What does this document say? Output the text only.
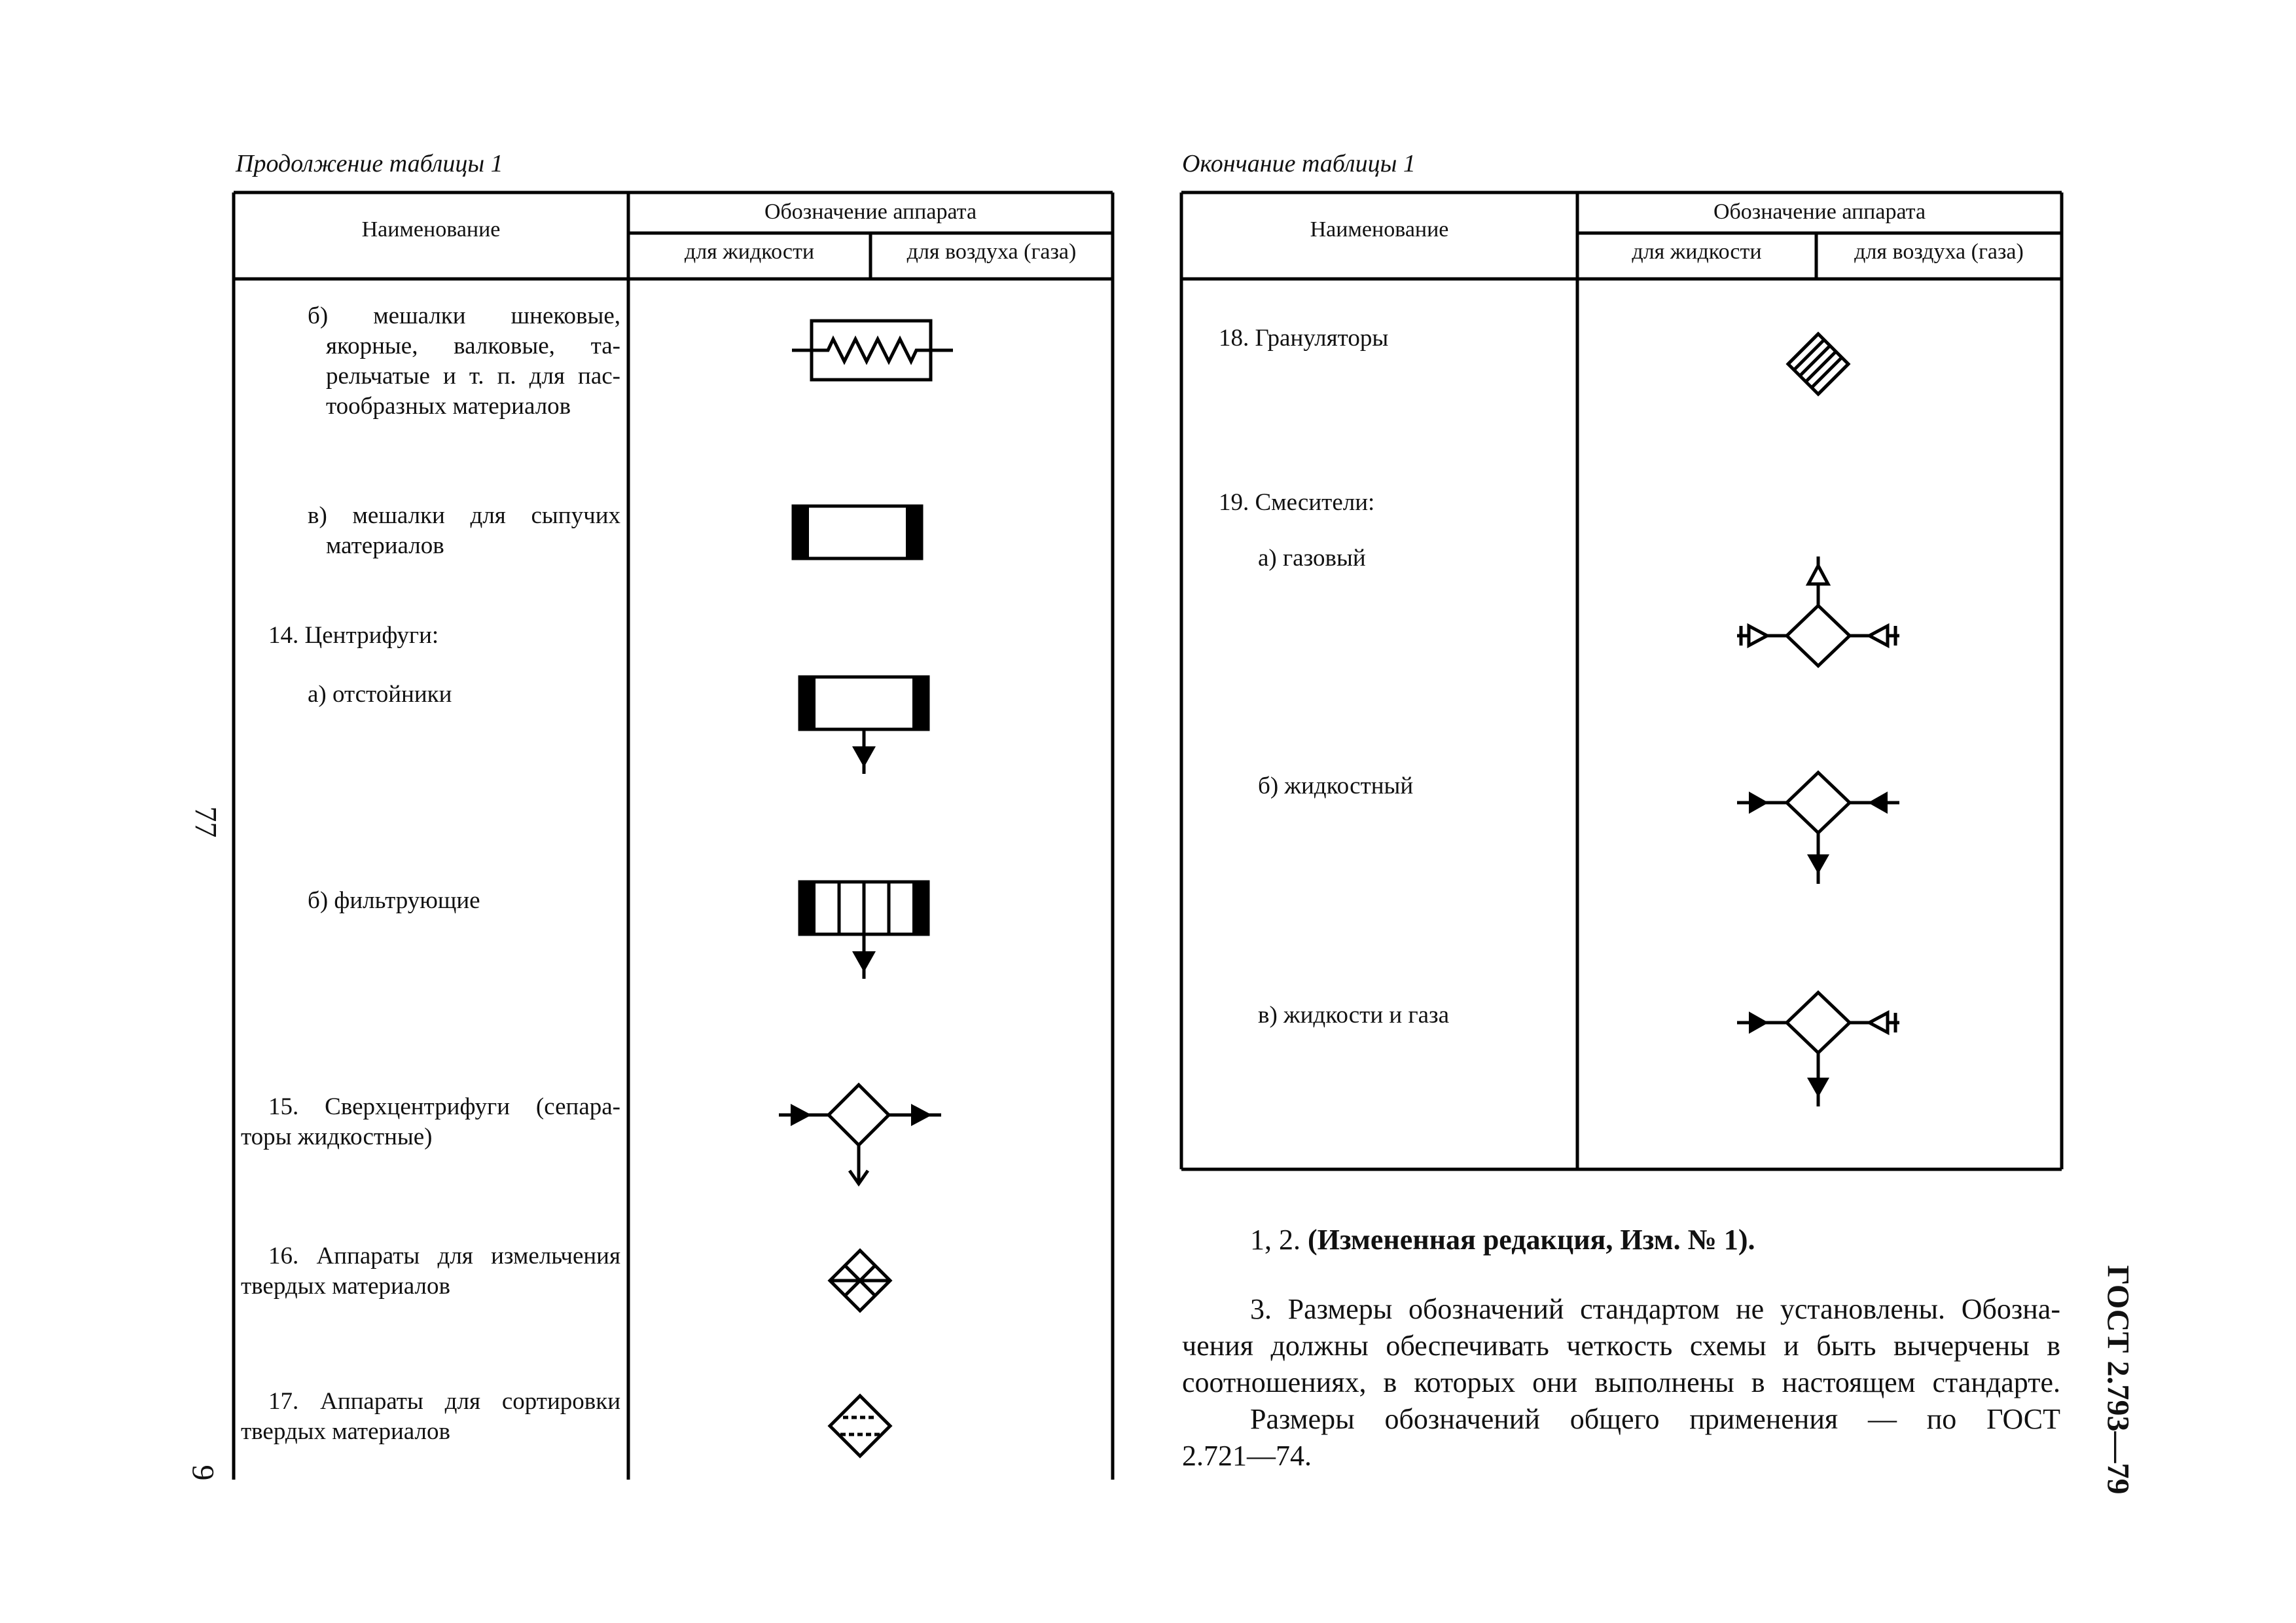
Продолжение таблицы 1
Наименование
Обозначение аппарата
для жидкости	для воздуха (газа)
б) мешалки шнековые,
якорные, валковые, та-
рельчатые и т. п. для пас-
тообразных материалов
в) мешалки для сыпучих
материалов
14. Центрифуги:
а) отстойники
б) фильтрующие
15. Сверхцентрифуги (сепара-
торы жидкостные)
16. Аппараты для измельчения
твердых материалов
17. Аппараты для сортировки
твердых материалов
Окончание таблицы 1
Наименование
Обозначение аппарата
для жидкости	для воздуха (газа)
18. Грануляторы
19. Смесители:
а) газовый
б) жидкостный
в) жидкости и газа
1, 2. (Измененная редакция, Изм. № 1).
3. Размеры обозначений стандартом не установлены. Обозна-
чения должны обеспечивать четкость схемы и быть вычерчены в
соотношениях, в которых они выполнены в настоящем стандарте.
Размеры обозначений общего применения — по ГОСТ
2.721—74.
77
9	ГОСТ 2.793—79
